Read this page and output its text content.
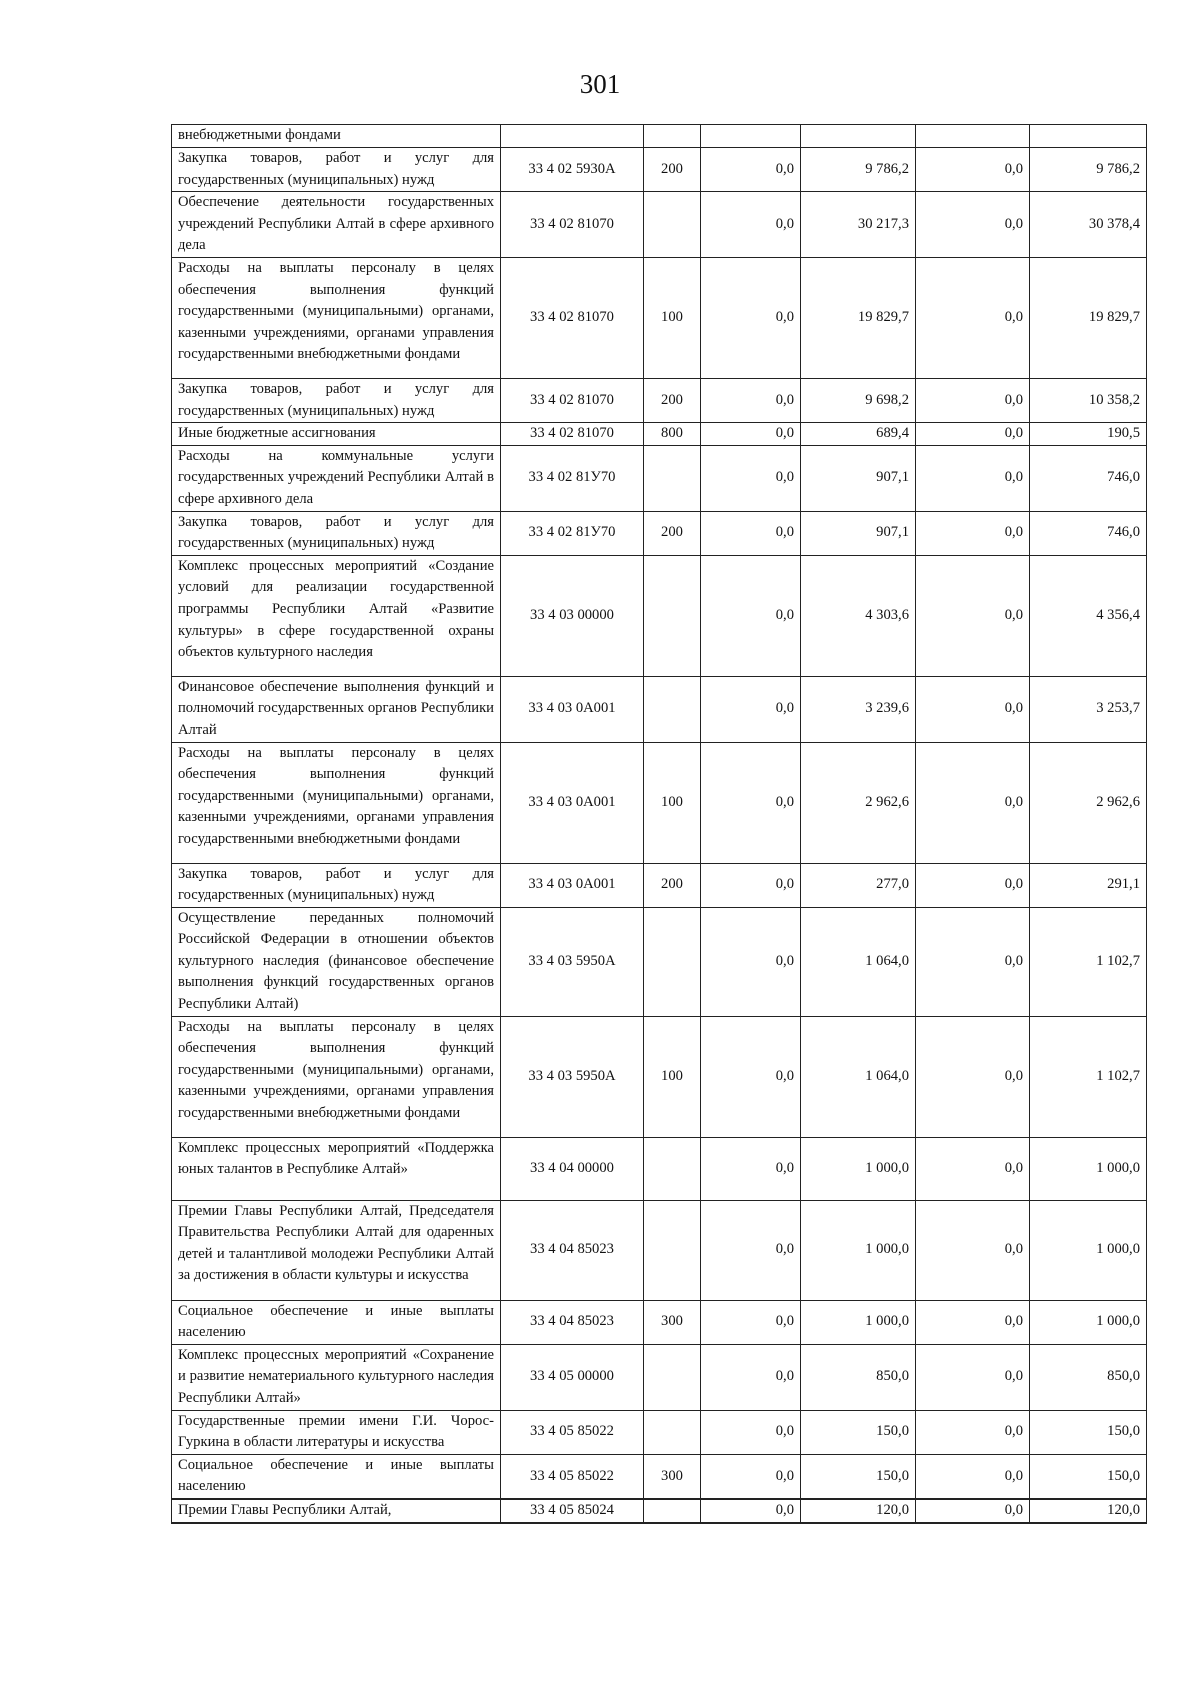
301
внебюджетными фондами						
Закупка товаров, работ и услуг для государственных (муниципальных) нужд	33 4 02 5930А	200	0,0	9 786,2	0,0	9 786,2
Обеспечение деятельности государственных учреждений Республики Алтай в сфере архивного дела	33 4 02 81070		0,0	30 217,3	0,0	30 378,4
Расходы на выплаты персоналу в целях обеспечения выполнения функций государственными (муниципальными) органами, казенными учреждениями, органами управления государственными внебюджетными фондами	33 4 02 81070	100	0,0	19 829,7	0,0	19 829,7
Закупка товаров, работ и услуг для государственных (муниципальных) нужд	33 4 02 81070	200	0,0	9 698,2	0,0	10 358,2
Иные бюджетные ассигнования	33 4 02 81070	800	0,0	689,4	0,0	190,5
Расходы на коммунальные услуги государственных учреждений Республики Алтай в сфере архивного дела	33 4 02 81У70		0,0	907,1	0,0	746,0
Закупка товаров, работ и услуг для государственных (муниципальных) нужд	33 4 02 81У70	200	0,0	907,1	0,0	746,0
Комплекс процессных мероприятий «Создание условий для реализации государственной программы Республики Алтай «Развитие культуры» в сфере государственной охраны объектов культурного наследия	33 4 03 00000		0,0	4 303,6	0,0	4 356,4
Финансовое обеспечение выполнения функций и полномочий государственных органов Республики Алтай	33 4 03 0А001		0,0	3 239,6	0,0	3 253,7
Расходы на выплаты персоналу в целях обеспечения выполнения функций государственными (муниципальными) органами, казенными учреждениями, органами управления государственными внебюджетными фондами	33 4 03 0А001	100	0,0	2 962,6	0,0	2 962,6
Закупка товаров, работ и услуг для государственных (муниципальных) нужд	33 4 03 0А001	200	0,0	277,0	0,0	291,1
Осуществление переданных полномочий Российской Федерации в отношении объектов культурного наследия (финансовое обеспечение выполнения функций государственных органов Республики Алтай)	33 4 03 5950А		0,0	1 064,0	0,0	1 102,7
Расходы на выплаты персоналу в целях обеспечения выполнения функций государственными (муниципальными) органами, казенными учреждениями, органами управления государственными внебюджетными фондами	33 4 03 5950А	100	0,0	1 064,0	0,0	1 102,7
Комплекс процессных мероприятий «Поддержка юных талантов в Республике Алтай»	33 4 04 00000		0,0	1 000,0	0,0	1 000,0
Премии Главы Республики Алтай, Председателя Правительства Республики Алтай для одаренных детей и талантливой молодежи Республики Алтай за достижения в области культуры и искусства	33 4 04 85023		0,0	1 000,0	0,0	1 000,0
Социальное обеспечение и иные выплаты населению	33 4 04 85023	300	0,0	1 000,0	0,0	1 000,0
Комплекс процессных мероприятий «Сохранение и развитие нематериального культурного наследия Республики Алтай»	33 4 05 00000		0,0	850,0	0,0	850,0
Государственные премии имени Г.И. Чорос-Гуркина в области литературы и искусства	33 4 05 85022		0,0	150,0	0,0	150,0
Социальное обеспечение и иные выплаты населению	33 4 05 85022	300	0,0	150,0	0,0	150,0
Премии Главы Республики Алтай,	33 4 05 85024		0,0	120,0	0,0	120,0
